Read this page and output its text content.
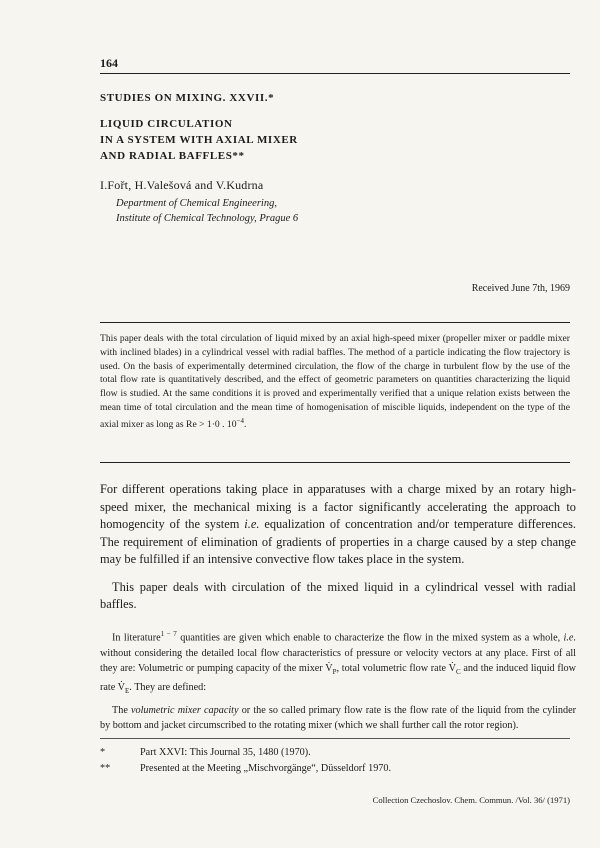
164
STUDIES ON MIXING. XXVII.*
LIQUID CIRCULATION
IN A SYSTEM WITH AXIAL MIXER
AND RADIAL BAFFLES**
I.Fořt, H.Valešová and V.Kudrna
Department of Chemical Engineering,
Institute of Chemical Technology, Prague 6
Received June 7th, 1969

This paper deals with the total circulation of liquid mixed by an axial high-speed mixer (propeller mixer or paddle mixer with inclined blades) in a cylindrical vessel with radial baffles. The method of a particle indicating the flow trajectory is used. On the basis of experimentally determined circulation, the flow of the charge in turbulent flow by the use of the total flow rate is quantitatively described, and the effect of geometric parameters on quantities characterizing the liquid flow is studied. At the same conditions it is proved and experimentally verified that a unique relation exists between the mean time of total circulation and the mean time of homogenisation of miscible liquids, independent on the type of the axial mixer as long as Re > 1·0 . $10^{-4}$.

For different operations taking place in apparatuses with a charge mixed by an rotary high-speed mixer, the mechanical mixing is a factor significantly accelerating the approach to homogencity of the system i.e. equalization of concentration and/or temperature differences. The requirement of elimination of gradients of properties in a charge caused by a step change may be fulfilled if an intensive convective flow takes place in the system.

This paper deals with circulation of the mixed liquid in a cylindrical vessel with radial baffles.

In literature$^{1 - 7}$ quantities are given which enable to characterize the flow in the mixed system as a whole, i.e. without considering the detailed local flow characteristics of pressure or velocity vectors at any place. First of all they are: Volumetric or pumping capacity of the mixer $V̇_P$, total volumetric flow rate $V̇_C$ and the induced liquid flow rate $V̇_E$. They are defined:

The volumetric mixer capacity or the so called primary flow rate is the flow rate of the liquid from the cylinder by bottom and jacket circumscribed to the rotating mixer (which we shall further call the rotor region).

*	Part XXVI: This Journal 35, 1480 (1970).
**	Presented at the Meeting „Mischvorgänge“, Düsseldorf 1970.
Collection Czechoslov. Chem. Commun. /Vol. 36/ (1971)
